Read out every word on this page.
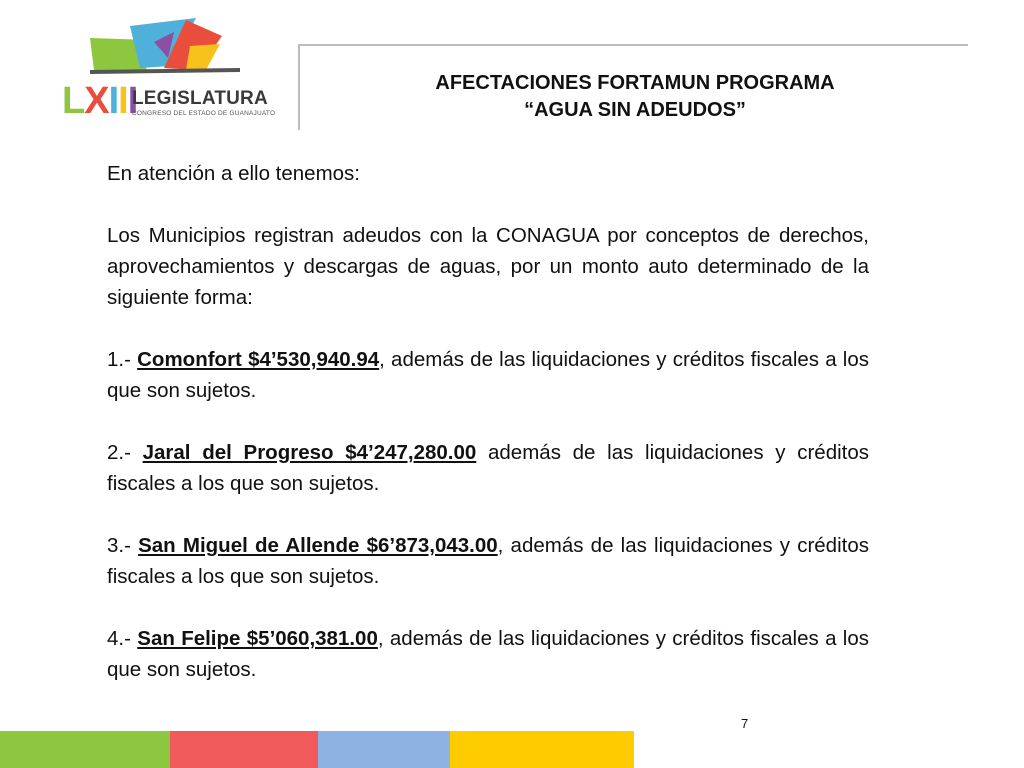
L X I I I
LEGISLATURA
CONGRESO DEL ESTADO DE GUANAJUATO
AFECTACIONES FORTAMUN PROGRAMA
“AGUA SIN ADEUDOS”

En atención a ello tenemos:

Los Municipios registran adeudos con la CONAGUA por conceptos de derechos, aprovechamientos y descargas de aguas, por un monto auto determinado de la siguiente forma:

1.- Comonfort $4’530,940.94, además de las liquidaciones y créditos fiscales a los que son sujetos.

2.- Jaral del Progreso $4’247,280.00 además de las liquidaciones y créditos fiscales a los que son sujetos.

3.- San Miguel de Allende $6’873,043.00, además de las liquidaciones y créditos fiscales a los que son sujetos.

4.- San Felipe $5’060,381.00, además de las liquidaciones y créditos fiscales a los que son sujetos.

7
